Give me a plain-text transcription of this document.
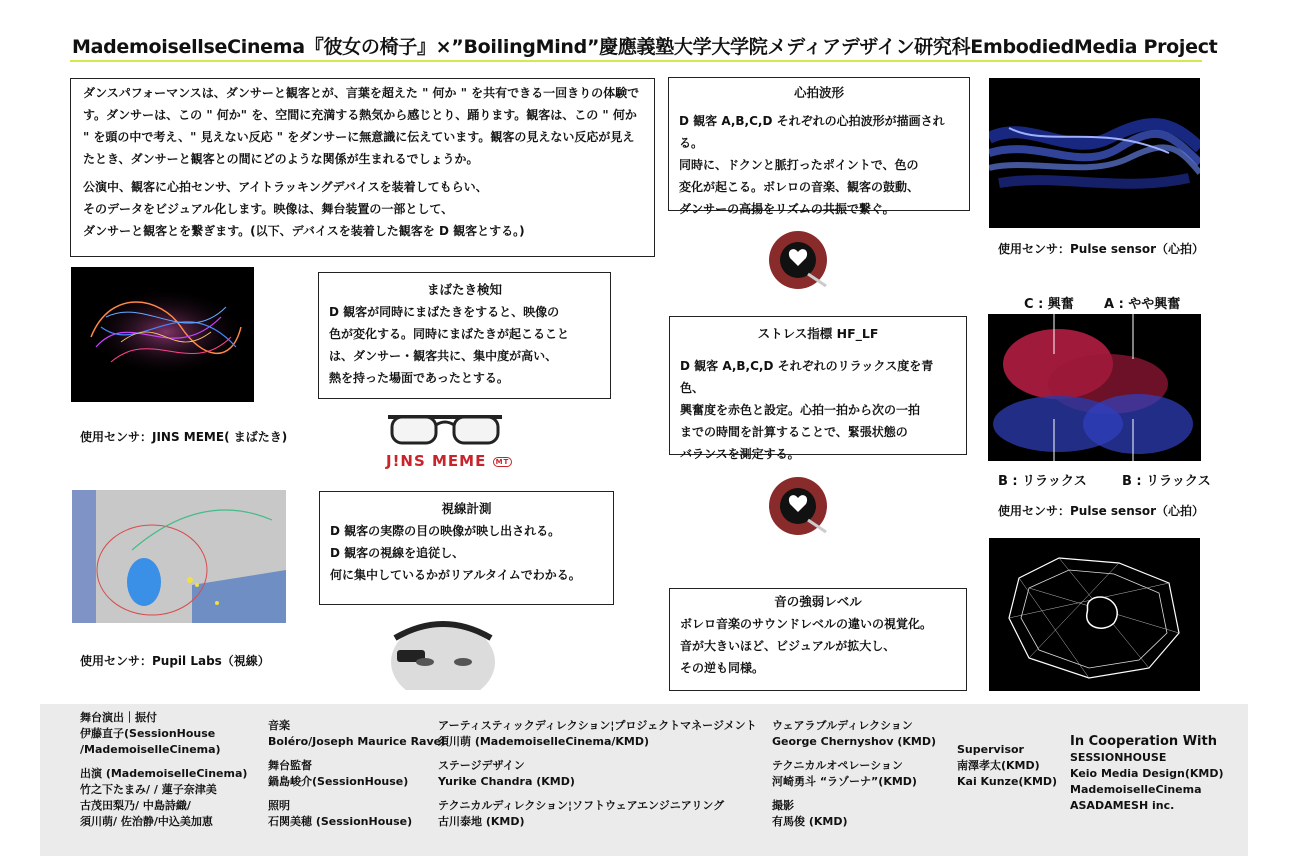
MademoisellseCinema『彼女の椅子』×”BoilingMind”慶應義塾大学大学院メディアデザイン研究科EmbodiedMedia Project

ダンスパフォーマンスは、ダンサーと観客とが、言葉を超えた " 何か " を共有できる一回きりの体験です。ダンサーは、この " 何か" を、空間に充満する熱気から感じとり、踊ります。観客は、この " 何か " を頭の中で考え、" 見えない反応 " をダンサーに無意識に伝えています。観客の見えない反応が見えたとき、ダンサーと観客との間にどのような関係が生まれるでしょうか。

公演中、観客に心拍センサ、アイトラッキングデバイスを装着してもらい、
そのデータをビジュアル化します。映像は、舞台装置の一部として、
ダンサーと観客とを繋ぎます。(以下、デバイスを装着した観客を D 観客とする。)

まばたき検知

D 観客が同時にまばたきをすると、映像の

色が変化する。同時にまばたきが起こること

は、ダンサー・観客共に、集中度が高い、

熱を持った場面であったとする。

使用センサ：JINS MEME( まばたき)
J!NS MEME MT

視線計測

D 観客の実際の目の映像が映し出される。

D 観客の視線を追従し、

何に集中しているかがリアルタイムでわかる。

使用センサ：Pupil Labs（視線）

心拍波形

D 観客 A,B,C,D それぞれの心拍波形が描画される。

同時に、ドクンと脈打ったポイントで、色の

変化が起こる。ボレロの音楽、観客の鼓動、

ダンサーの高揚をリズムの共振で繋ぐ。

使用センサ：Pulse sensor（心拍）
C : 興奮 A : やや興奮

ストレス指標 HF_LF

D 観客 A,B,C,D それぞれのリラックス度を青色、

興奮度を赤色と設定。心拍一拍から次の一拍

までの時間を計算することで、緊張状態の

バランスを測定する。

B : リラックス	B : リラックス
使用センサ：Pulse sensor（心拍）

音の強弱レベル

ボレロ音楽のサウンドレベルの違いの視覚化。

音が大きいほど、ビジュアルが拡大し、

その逆も同様。

舞台演出｜振付
伊藤直子(SessionHouse
/MademoiselleCinema)
出演 (MademoiselleCinema)
竹之下たまみ/ / 蓮子奈津美
古茂田梨乃/ 中島詩織/
須川萌/ 佐治静/中込美加恵
音楽
Boléro/Joseph Maurice Ravel
舞台監督
鍋島峻介(SessionHouse)
照明
石関美穂 (SessionHouse)
アーティスティックディレクション¦プロジェクトマネージメント
須川萌 (MademoiselleCinema/KMD)
ステージデザイン
Yurike Chandra (KMD)
テクニカルディレクション¦ソフトウェアエンジニアリング
古川泰地 (KMD)
ウェアラブルディレクション
George Chernyshov (KMD)
テクニカルオペレーション
河崎勇斗 “ラゾーナ”(KMD)
撮影
有馬俊 (KMD)
Supervisor
南澤孝太(KMD)
Kai Kunze(KMD)
In Cooperation With
SESSIONHOUSE
Keio Media Design(KMD)
MademoiselleCinema
ASADAMESH inc.
